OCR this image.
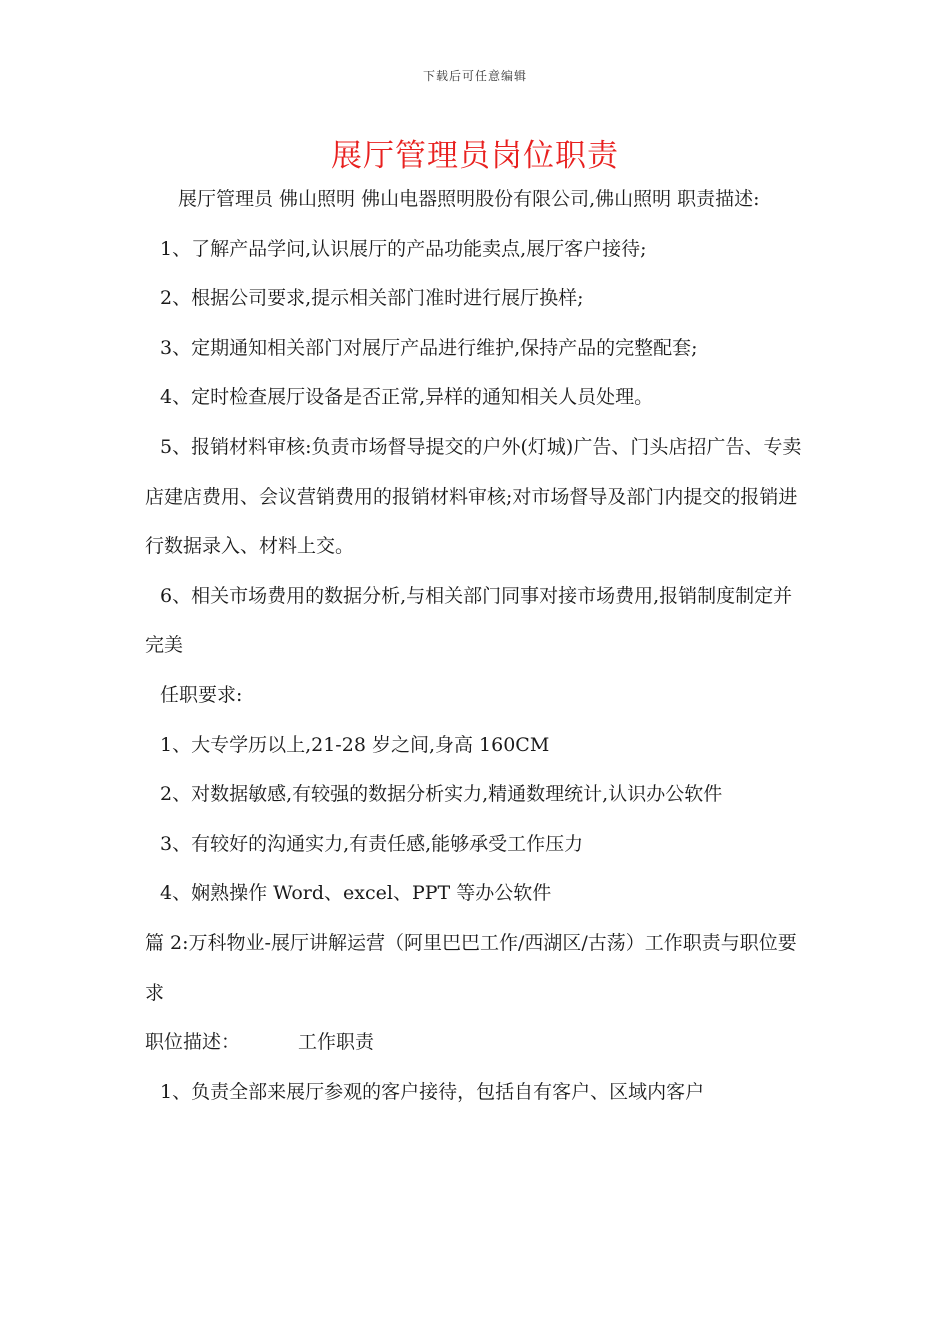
下载后可任意编辑
展厅管理员岗位职责

展厅管理员 佛山照明 佛山电器照明股份有限公司,佛山照明 职责描述:

1、了解产品学问,认识展厅的产品功能卖点,展厅客户接待;

2、根据公司要求,提示相关部门准时进行展厅换样;

3、定期通知相关部门对展厅产品进行维护,保持产品的完整配套;

4、定时检查展厅设备是否正常,异样的通知相关人员处理。

5、报销材料审核:负责市场督导提交的户外(灯城)广告、门头店招广告、专卖店建店费用、会议营销费用的报销材料审核;对市场督导及部门内提交的报销进行数据录入、材料上交。

6、相关市场费用的数据分析,与相关部门同事对接市场费用,报销制度制定并完美

任职要求:

1、大专学历以上,21-28 岁之间,身高 160CM

2、对数据敏感,有较强的数据分析实力,精通数理统计,认识办公软件

3、有较好的沟通实力,有责任感,能够承受工作压力

4、娴熟操作 Word、excel、PPT 等办公软件

篇 2:万科物业-展厅讲解运营（阿里巴巴工作/西湖区/古荡）工作职责与职位要求

职位描述：	工作职责

1、负责全部来展厅参观的客户接待，包括自有客户、区域内客户
